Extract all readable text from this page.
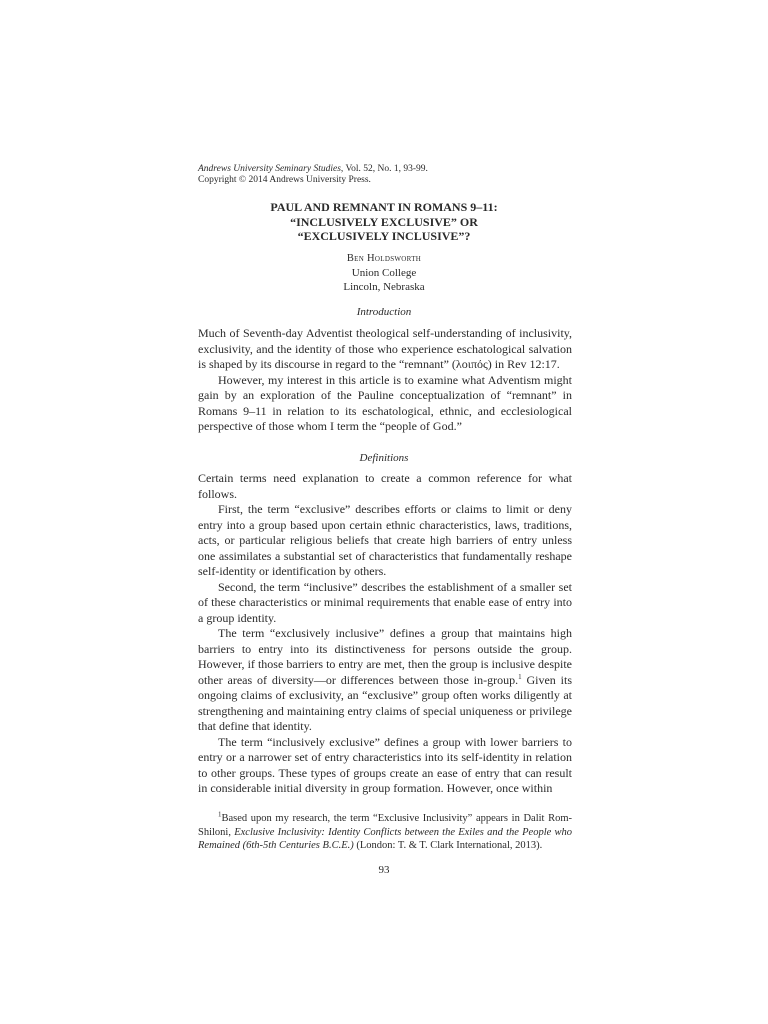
Andrews University Seminary Studies, Vol. 52, No. 1, 93-99.
Copyright © 2014 Andrews University Press.
PAUL AND REMNANT IN ROMANS 9–11:
“INCLUSIVELY EXCLUSIVE” OR
“EXCLUSIVELY INCLUSIVE”?
Ben Holdsworth
Union College
Lincoln, Nebraska
Introduction

Much of Seventh-day Adventist theological self-understanding of inclusivity, exclusivity, and the identity of those who experience eschatological salvation is shaped by its discourse in regard to the “remnant” (λοιπός) in Rev 12:17.

However, my interest in this article is to examine what Adventism might gain by an exploration of the Pauline conceptualization of “remnant” in Romans 9–11 in relation to its eschatological, ethnic, and ecclesiological perspective of those whom I term the “people of God.”

Definitions

Certain terms need explanation to create a common reference for what follows.

First, the term “exclusive” describes efforts or claims to limit or deny entry into a group based upon certain ethnic characteristics, laws, traditions, acts, or particular religious beliefs that create high barriers of entry unless one assimilates a substantial set of characteristics that fundamentally reshape self-identity or identification by others.

Second, the term “inclusive” describes the establishment of a smaller set of these characteristics or minimal requirements that enable ease of entry into a group identity.

The term “exclusively inclusive” defines a group that maintains high barriers to entry into its distinctiveness for persons outside the group. However, if those barriers to entry are met, then the group is inclusive despite other areas of diversity—or differences between those in-group.$^1$ Given its ongoing claims of exclusivity, an “exclusive” group often works diligently at strengthening and maintaining entry claims of special uniqueness or privilege that define that identity.

The term “inclusively exclusive” defines a group with lower barriers to entry or a narrower set of entry characteristics into its self-identity in relation to other groups. These types of groups create an ease of entry that can result in considerable initial diversity in group formation. However, once within

$^1$Based upon my research, the term “Exclusive Inclusivity” appears in Dalit Rom-Shiloni, Exclusive Inclusivity: Identity Conflicts between the Exiles and the People who Remained (6th-5th Centuries B.C.E.) (London: T. & T. Clark International, 2013).
93
